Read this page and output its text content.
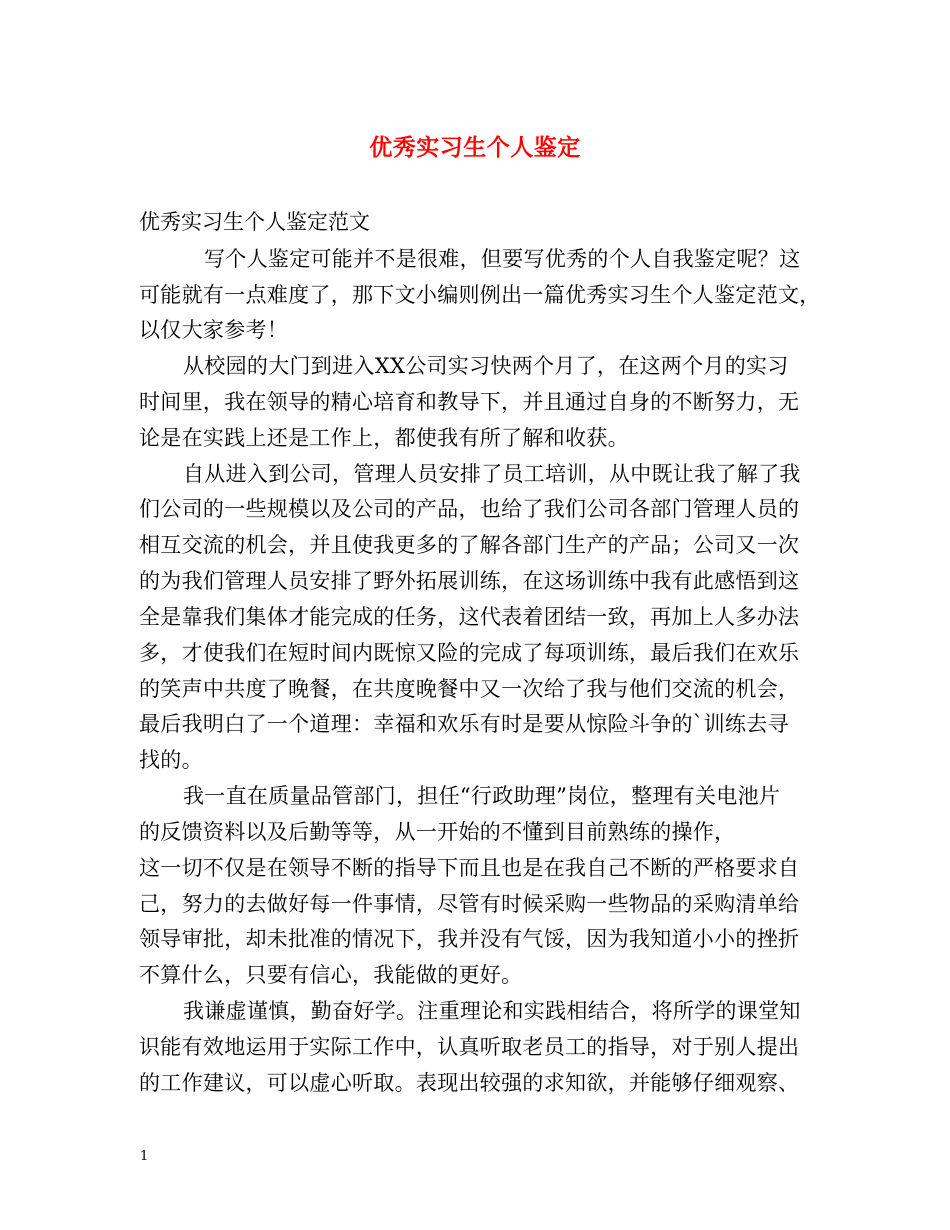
优秀实习生个人鉴定
优秀实习生个人鉴定范文
写个人鉴定可能并不是很难，但要写优秀的个人自我鉴定呢？这
可能就有一点难度了，那下文小编则例出一篇优秀实习生个人鉴定范文，
以仅大家参考！
从校园的大门到进入XX公司实习快两个月了，在这两个月的实习
时间里，我在领导的精心培育和教导下，并且通过自身的不断努力，无
论是在实践上还是工作上，都使我有所了解和收获。
自从进入到公司，管理人员安排了员工培训，从中既让我了解了我
们公司的一些规模以及公司的产品，也给了我们公司各部门管理人员的
相互交流的机会，并且使我更多的了解各部门生产的产品；公司又一次
的为我们管理人员安排了野外拓展训练，在这场训练中我有此感悟到这
全是靠我们集体才能完成的任务，这代表着团结一致，再加上人多办法
多，才使我们在短时间内既惊又险的完成了每项训练，最后我们在欢乐
的笑声中共度了晚餐，在共度晚餐中又一次给了我与他们交流的机会，
最后我明白了一个道理：幸福和欢乐有时是要从惊险斗争的`训练去寻
找的。
我一直在质量品管部门，担任“行政助理”岗位，整理有关电池片
的反馈资料以及后勤等等，从一开始的不懂到目前熟练的操作，
这一切不仅是在领导不断的指导下而且也是在我自己不断的严格要求自
己，努力的去做好每一件事情，尽管有时候采购一些物品的采购清单给
领导审批，却未批准的情况下，我并没有气馁，因为我知道小小的挫折
不算什么，只要有信心，我能做的更好。
我谦虚谨慎，勤奋好学。注重理论和实践相结合，将所学的课堂知
识能有效地运用于实际工作中，认真听取老员工的指导，对于别人提出
的工作建议，可以虚心听取。表现出较强的求知欲，并能够仔细观察、
1
